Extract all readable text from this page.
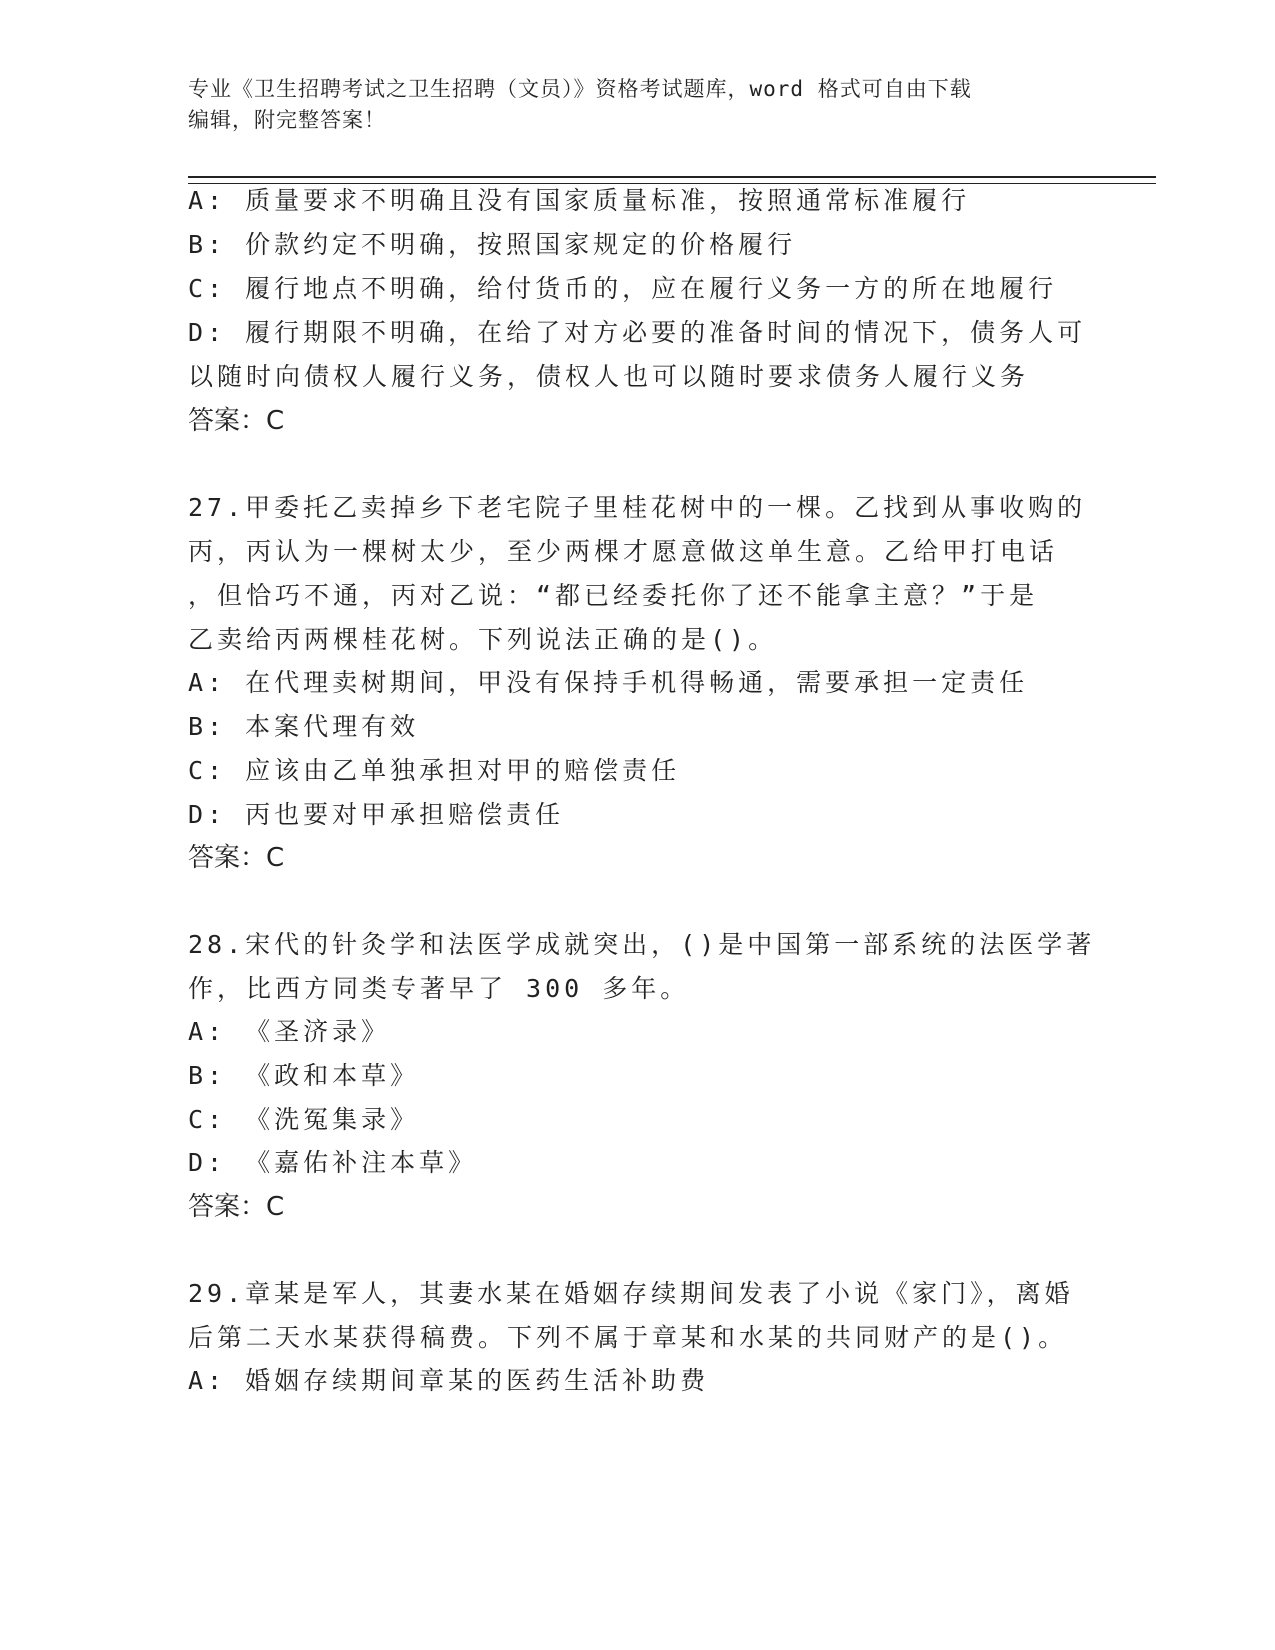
专业《卫生招聘考试之卫生招聘（文员）》资格考试题库，word 格式可自由下载
编辑，附完整答案！
A: 质量要求不明确且没有国家质量标准，按照通常标准履行
B: 价款约定不明确，按照国家规定的价格履行
C: 履行地点不明确，给付货币的，应在履行义务一方的所在地履行
D: 履行期限不明确，在给了对方必要的准备时间的情况下，债务人可
以随时向债权人履行义务，债权人也可以随时要求债务人履行义务
答案：C
27.甲委托乙卖掉乡下老宅院子里桂花树中的一棵。乙找到从事收购的
丙，丙认为一棵树太少，至少两棵才愿意做这单生意。乙给甲打电话
，但恰巧不通，丙对乙说：“都已经委托你了还不能拿主意？”于是
乙卖给丙两棵桂花树。下列说法正确的是()。
A: 在代理卖树期间，甲没有保持手机得畅通，需要承担一定责任
B: 本案代理有效
C: 应该由乙单独承担对甲的赔偿责任
D: 丙也要对甲承担赔偿责任
答案：C
28.宋代的针灸学和法医学成就突出，()是中国第一部系统的法医学著
作，比西方同类专著早了 300 多年。
A: 《圣济录》
B: 《政和本草》
C: 《洗冤集录》
D: 《嘉佑补注本草》
答案：C
29.章某是军人，其妻水某在婚姻存续期间发表了小说《家门》，离婚
后第二天水某获得稿费。下列不属于章某和水某的共同财产的是()。
A: 婚姻存续期间章某的医药生活补助费
